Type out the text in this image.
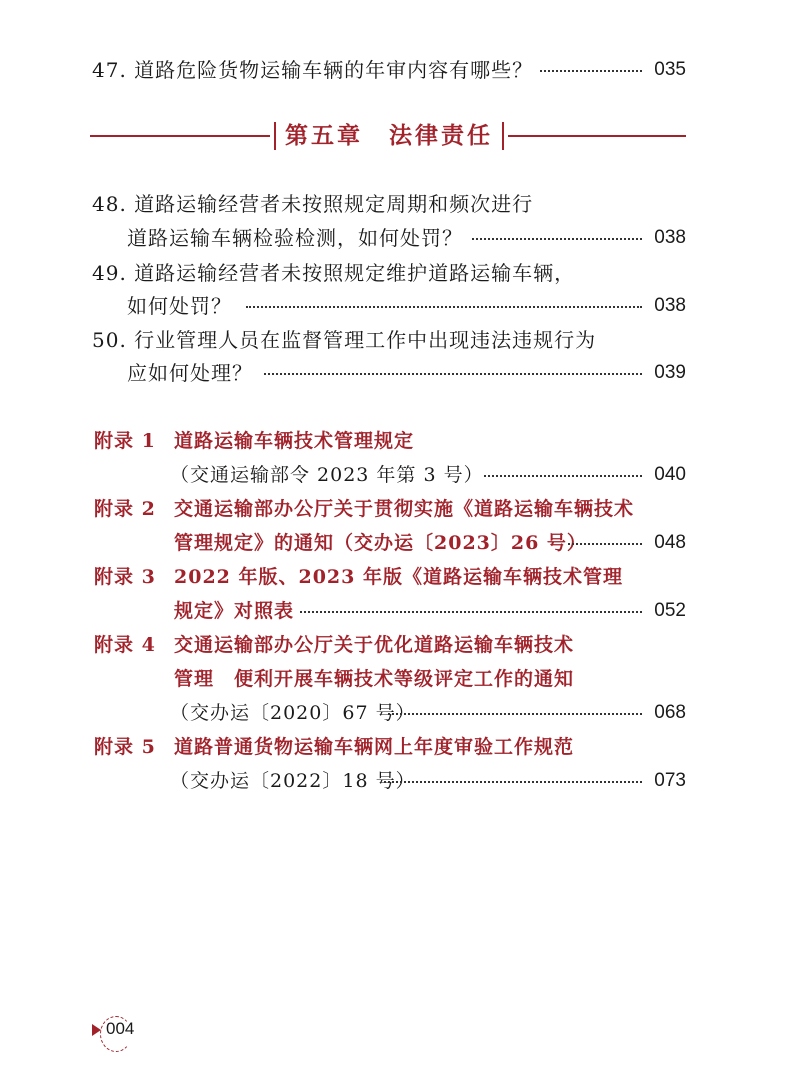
47. 道路危险货物运输车辆的年审内容有哪些？	035
第五章　法律责任
48. 道路运输经营者未按照规定周期和频次进行
道路运输车辆检验检测，如何处罚？	038
49. 道路运输经营者未按照规定维护道路运输车辆，
如何处罚？	038
50. 行业管理人员在监督管理工作中出现违法违规行为
应如何处理？	039
附录 1 道路运输车辆技术管理规定
（交通运输部令 2023 年第 3 号）	040
附录 2 交通运输部办公厅关于贯彻实施《道路运输车辆技术
管理规定》的通知（交办运〔2023〕26 号）	048
附录 3 2022 年版、2023 年版《道路运输车辆技术管理
规定》对照表	052
附录 4 交通运输部办公厅关于优化道路运输车辆技术
管理　便利开展车辆技术等级评定工作的通知
（交办运〔2020〕67 号）	068
附录 5 道路普通货物运输车辆网上年度审验工作规范
（交办运〔2022〕18 号）	073
004
